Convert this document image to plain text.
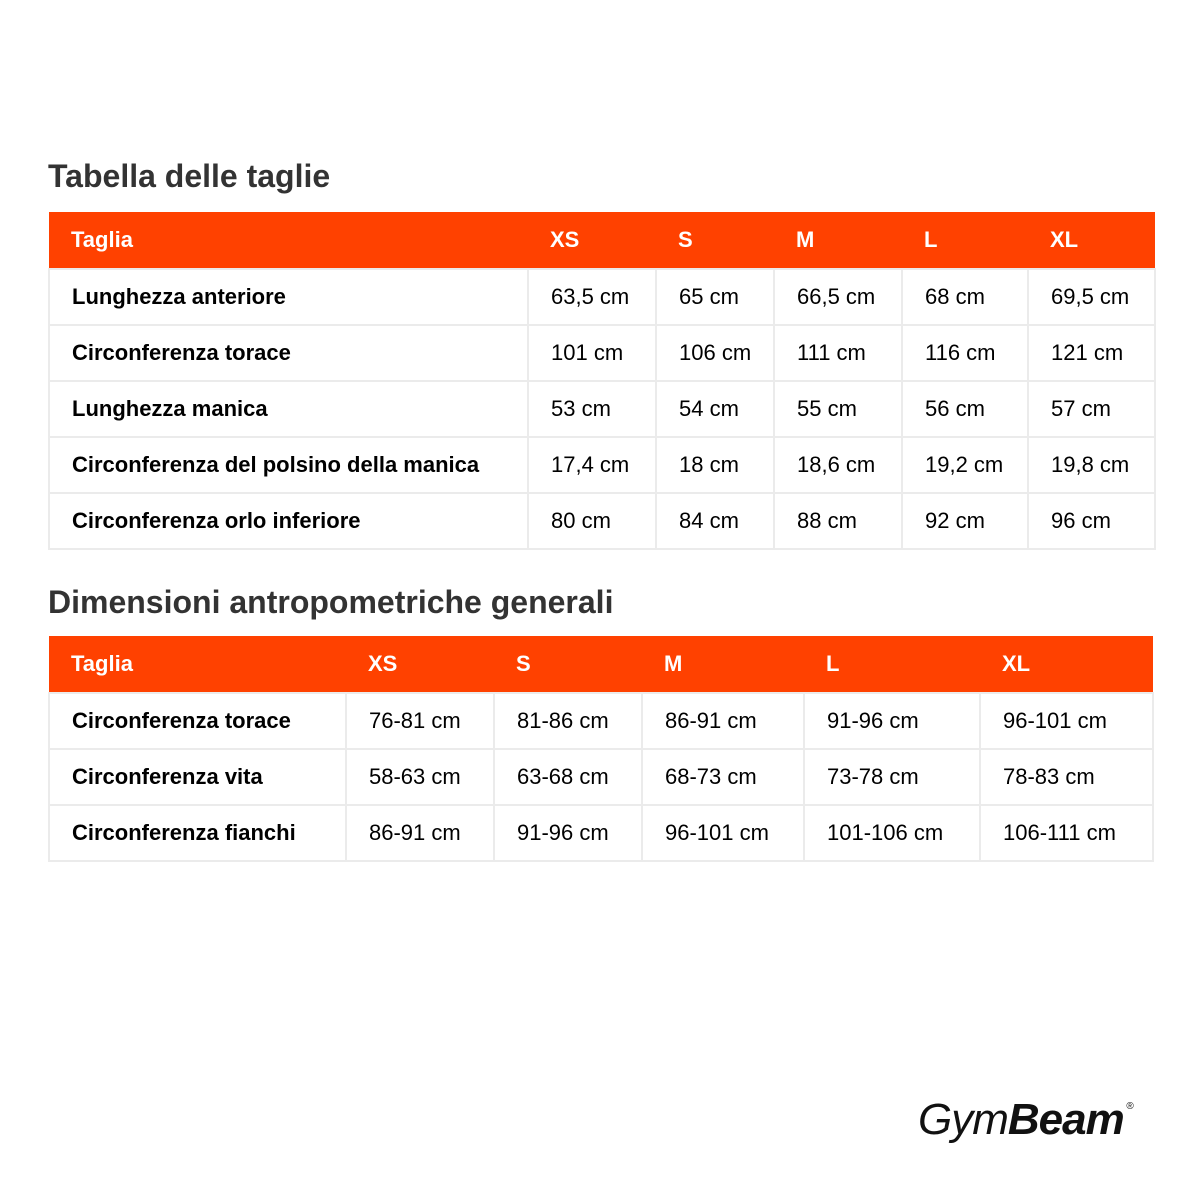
Tabella delle taglie
Taglia	XS	S	M	L	XL
Lunghezza anteriore	63,5 cm	65 cm	66,5 cm	68 cm	69,5 cm
Circonferenza torace	101 cm	106 cm	111 cm	116 cm	121 cm
Lunghezza manica	53 cm	54 cm	55 cm	56 cm	57 cm
Circonferenza del polsino della manica	17,4 cm	18 cm	18,6 cm	19,2 cm	19,8 cm
Circonferenza orlo inferiore	80 cm	84 cm	88 cm	92 cm	96 cm
Dimensioni antropometriche generali
Taglia	XS	S	M	L	XL
Circonferenza torace	76-81 cm	81-86 cm	86-91 cm	91-96 cm	96-101 cm
Circonferenza vita	58-63 cm	63-68 cm	68-73 cm	73-78 cm	78-83 cm
Circonferenza fianchi	86-91 cm	91-96 cm	96-101 cm	101-106 cm	106-111 cm
GymBeam ®
